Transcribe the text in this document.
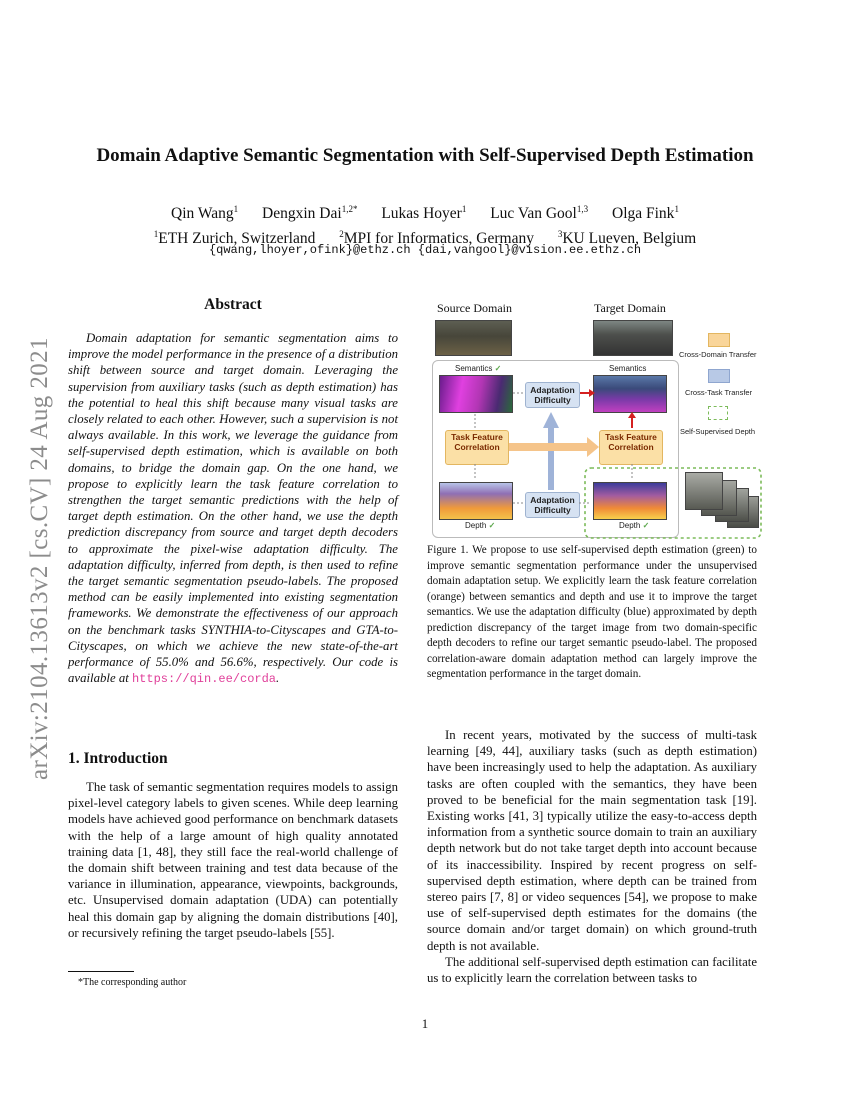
arXiv:2104.13613v2 [cs.CV] 24 Aug 2021
Domain Adaptive Semantic Segmentation with Self-Supervised Depth Estimation
Qin Wang$^1$ Dengxin Dai$^{1,2*}$ Lukas Hoyer$^1$ Luc Van Gool$^{1,3}$ Olga Fink$^1$
$^1$ETH Zurich, Switzerland	$^2$MPI for Informatics, Germany	$^3$KU Lueven, Belgium
{qwang,lhoyer,ofink}@ethz.ch {dai,vangool}@vision.ee.ethz.ch
Abstract
Domain adaptation for semantic segmentation aims to improve the model performance in the presence of a distribution shift between source and target domain. Leveraging the supervision from auxiliary tasks (such as depth estimation) has the potential to heal this shift because many visual tasks are closely related to each other. However, such a supervision is not always available. In this work, we leverage the guidance from self-supervised depth estimation, which is available on both domains, to bridge the domain gap. On the one hand, we propose to explicitly learn the task feature correlation to strengthen the target semantic predictions with the help of target depth estimation. On the other hand, we use the depth prediction discrepancy from source and target depth decoders to approximate the pixel-wise adaptation difficulty. The adaptation difficulty, inferred from depth, is then used to refine the target semantic segmentation pseudo-labels. The proposed method can be easily implemented into existing segmentation frameworks. We demonstrate the effectiveness of our approach on the benchmark tasks SYNTHIA-to-Cityscapes and GTA-to-Cityscapes, on which we achieve the new state-of-the-art performance of 55.0% and 56.6%, respectively. Our code is available at https://qin.ee/corda.
1. Introduction
The task of semantic segmentation requires models to assign pixel-level category labels to given scenes. While deep learning models have achieved good performance on benchmark datasets with the help of a large amount of high quality annotated training data [1, 48], they still face the real-world challenge of the domain shift between training and test data because of the variance in illumination, appearance, viewpoints, backgrounds, etc. Unsupervised domain adaptation (UDA) can potentially heal this domain gap by aligning the domain distributions [40], or recursively refining the target pseudo-labels [55].
*The corresponding author
Source Domain	Target Domain
Semantics ✓	Semantics
Adaptation Difficulty
Adaptation Difficulty
Task Feature Correlation
Task Feature Correlation
Depth ✓	Depth ✓
Cross-Domain Transfer
Cross-Task Transfer
Self-Supervised Depth
Figure 1. We propose to use self-supervised depth estimation (green) to improve semantic segmentation performance under the unsupervised domain adaptation setup. We explicitly learn the task feature correlation (orange) between semantics and depth and use it to improve the target semantics. We use the adaptation difficulty (blue) approximated by depth prediction discrepancy of the target image from two domain-specific depth decoders to refine our target semantic pseudo-label. The proposed correlation-aware domain adaptation method can largely improve the segmentation performance in the target domain.

In recent years, motivated by the success of multi-task learning [49, 44], auxiliary tasks (such as depth estimation) have been increasingly used to help the adaptation. As auxiliary tasks are often coupled with the semantics, they have been proved to be beneficial for the main segmentation task [19]. Existing works [41, 3] typically utilize the easy-to-access depth information from a synthetic source domain to train an auxiliary depth network but do not take target depth into account because of its inaccessibility. Inspired by recent progress on self-supervised depth estimation, where depth can be trained from stereo pairs [7, 8] or video sequences [54], we propose to make use of self-supervised depth estimates for the domains (the source domain and/or target domain) on which ground-truth depth is not available.

The additional self-supervised depth estimation can facilitate us to explicitly learn the correlation between tasks to

1
